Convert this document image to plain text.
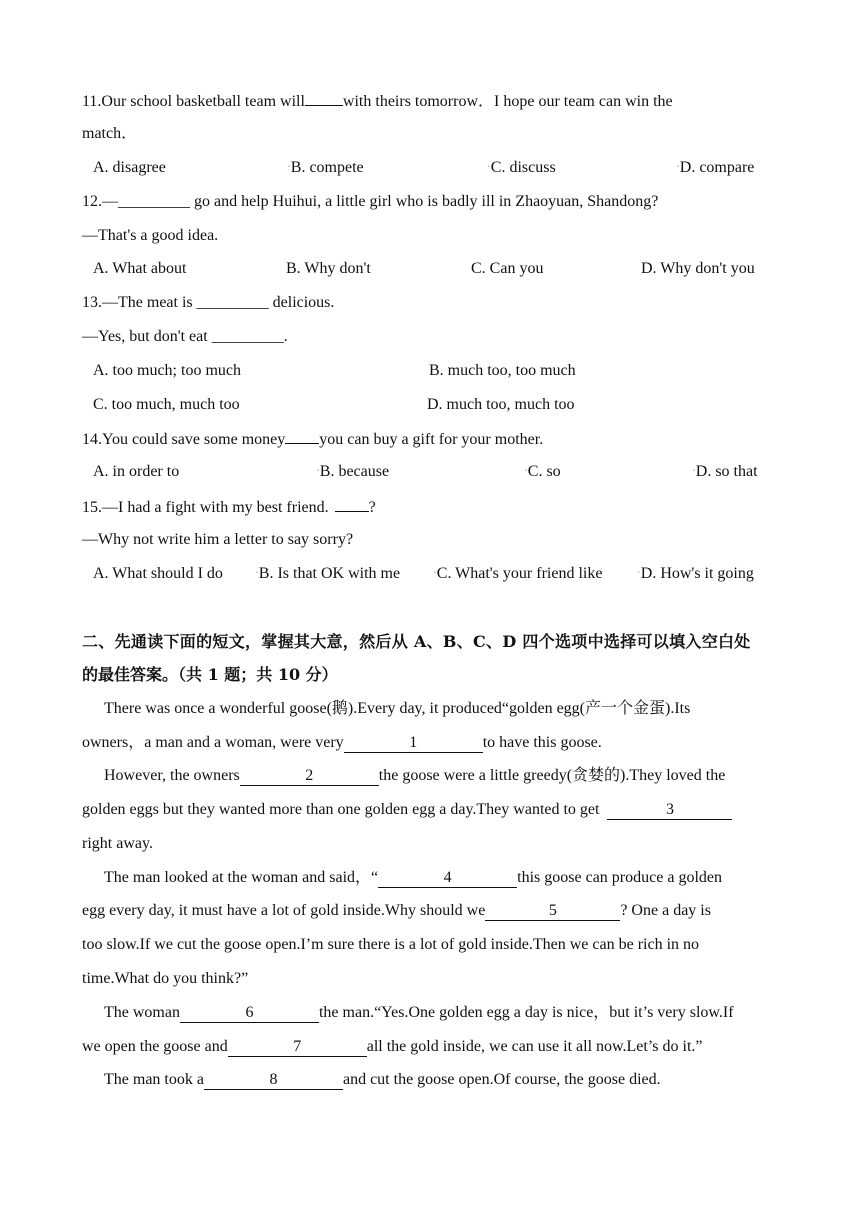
11.Our school basketball team will with theirs tomorrow．I hope our team can win the
match．
A. disagree	•B. compete	•C. discuss	•D. compare
12.—_________ go and help Huihui, a little girl who is badly ill in Zhaoyuan, Shandong?
—That's a good idea.
A. What about	B. Why don't	C. Can you	D. Why don't you
13.—The meat is _________ delicious.
—Yes, but don't eat _________.
A. too much; too much	B. much too, too much
C. too much, much too	D. much too, much too
14.You could save some money you can buy a gift for your mother.
A. in order to	•B. because	•C. so	•D. so that
15.—I had a fight with my best friend.	?
—Why not write him a letter to say sorry?
A. What should I do	•B. Is that OK with me	•C. What's your friend like	•D. How's it going
二、先通读下面的短文，掌握其大意，然后从 A、B、C、D 四个选项中选择可以填入空白处
的最佳答案。（共 1 题；共 10 分）
There was once a wonderful goose(鹅).Every day, it produced“golden egg(产一个金蛋).Its
owners，a man and a woman, were very	1	to have this goose.
However, the owners	2	the goose were a little greedy(贪婪的).They loved the
golden eggs but they wanted more than one golden egg a day.They wanted to get	3
right away.
The man looked at the woman and said，“	4	this goose can produce a golden
egg every day, it must have a lot of gold inside.Why should we	5	? One a day is
too slow.If we cut the goose open.I’m sure there is a lot of gold inside.Then we can be rich in no
time.What do you think?”
The woman	6	the man.“Yes.One golden egg a day is nice，but it’s very slow.If
we open the goose and	7	all the gold inside, we can use it all now.Let’s do it.”
The man took a	8	and cut the goose open.Of course, the goose died.
